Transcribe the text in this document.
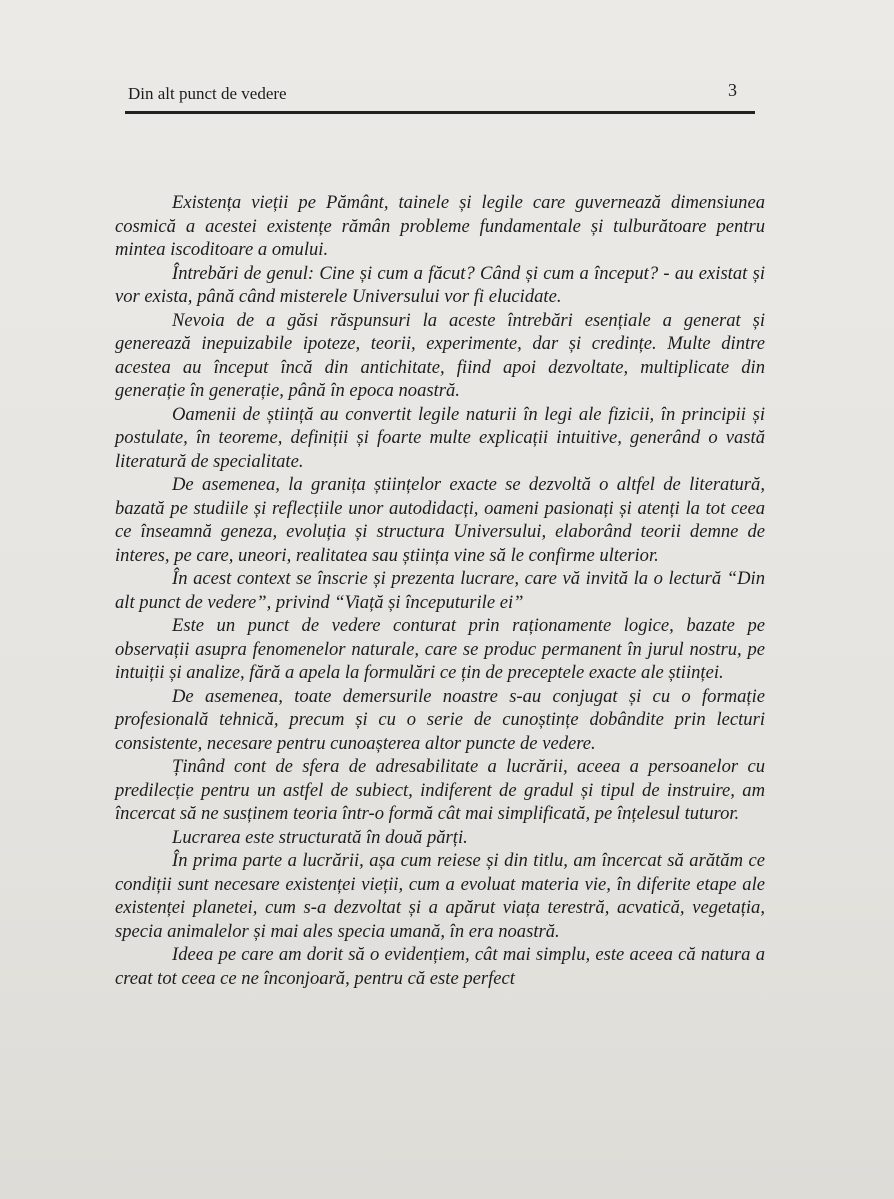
Din alt punct de vedere	3

Existența vieții pe Pământ, tainele și legile care guvernează dimensiunea cosmică a acestei existențe rămân probleme fundamentale și tulburătoare pentru mintea iscoditoare a omului.

Întrebări de genul: Cine și cum a făcut? Când și cum a început? - au existat și vor exista, până când misterele Universului vor fi elucidate.

Nevoia de a găsi răspunsuri la aceste întrebări esențiale a generat și generează inepuizabile ipoteze, teorii, experimente, dar și credințe. Multe dintre acestea au început încă din antichitate, fiind apoi dezvoltate, multiplicate din generație în generație, până în epoca noastră.

Oamenii de știință au convertit legile naturii în legi ale fizicii, în principii și postulate, în teoreme, definiții și foarte multe explicații intuitive, generând o vastă literatură de specialitate.

De asemenea, la granița științelor exacte se dezvoltă o altfel de literatură, bazată pe studiile și reflecțiile unor autodidacți, oameni pasionați și atenți la tot ceea ce înseamnă geneza, evoluția și structura Universului, elaborând teorii demne de interes, pe care, uneori, realitatea sau știința vine să le confirme ulterior.

În acest context se înscrie și prezenta lucrare, care vă invită la o lectură “Din alt punct de vedere”, privind “Viață și începuturile ei”

Este un punct de vedere conturat prin raționamente logice, bazate pe observații asupra fenomenelor naturale, care se produc permanent în jurul nostru, pe intuiții și analize, fără a apela la formulări ce țin de preceptele exacte ale științei.

De asemenea, toate demersurile noastre s-au conjugat și cu o formație profesională tehnică, precum și cu o serie de cunoștințe dobândite prin lecturi consistente, necesare pentru cunoașterea altor puncte de vedere.

Ținând cont de sfera de adresabilitate a lucrării, aceea a persoanelor cu predilecție pentru un astfel de subiect, indiferent de gradul și tipul de instruire, am încercat să ne susținem teoria într-o formă cât mai simplificată, pe înțelesul tuturor.

Lucrarea este structurată în două părți.

În prima parte a lucrării, așa cum reiese și din titlu, am încercat să arătăm ce condiții sunt necesare existenței vieții, cum a evoluat materia vie, în diferite etape ale existenței planetei, cum s-a dezvoltat și a apărut viața terestră, acvatică, vegetația, specia animalelor și mai ales specia umană, în era noastră.

Ideea pe care am dorit să o evidențiem, cât mai simplu, este aceea că natura a creat tot ceea ce ne înconjoară, pentru că este perfect
